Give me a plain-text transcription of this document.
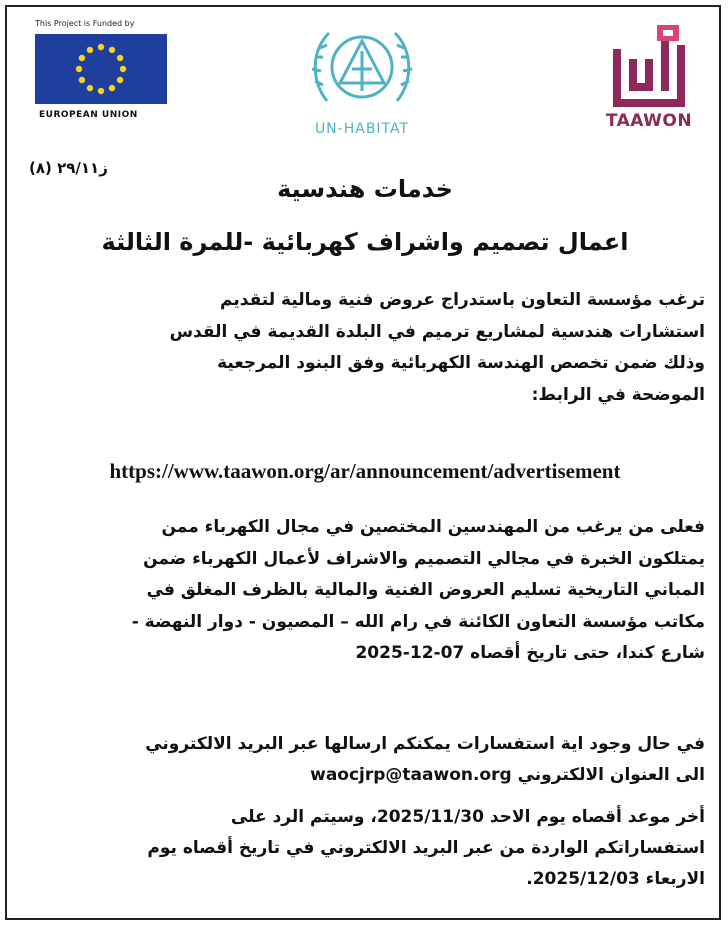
This Project is Funded by
EUROPEAN UNION
UN-HABITAT	TAAWON
ز٢٩/١١ (٨)
خدمات هندسية
اعمال تصميم واشراف كهربائية -للمرة الثالثة
ترغب مؤسسة التعاون باستدراج عروض فنية ومالية لتقديم
استشارات هندسية لمشاريع ترميم في البلدة القديمة في القدس
وذلك ضمن تخصص الهندسة الكهربائية وفق البنود المرجعية
الموضحة في الرابط:
https://www.taawon.org/ar/announcement/advertisement
فعلى من يرغب من المهندسين المختصين في مجال الكهرباء ممن
يمتلكون الخبرة في مجالي التصميم والاشراف لأعمال الكهرباء ضمن
المباني التاريخية تسليم العروض الفنية والمالية بالظرف المغلق في
مكاتب مؤسسة التعاون الكائنة في رام الله – المصيون - دوار النهضة -
شارع كندا، حتى تاريخ أقصاه 07-12-2025
في حال وجود اية استفسارات يمكنكم ارسالها عبر البريد الالكتروني
الى العنوان الالكتروني waocjrp@taawon.org
أخر موعد أقصاه يوم الاحد 2025/11/30، وسيتم الرد على
استفساراتكم الواردة من عبر البريد الالكتروني في تاريخ أقصاه يوم
الاربعاء 2025/12/03.
